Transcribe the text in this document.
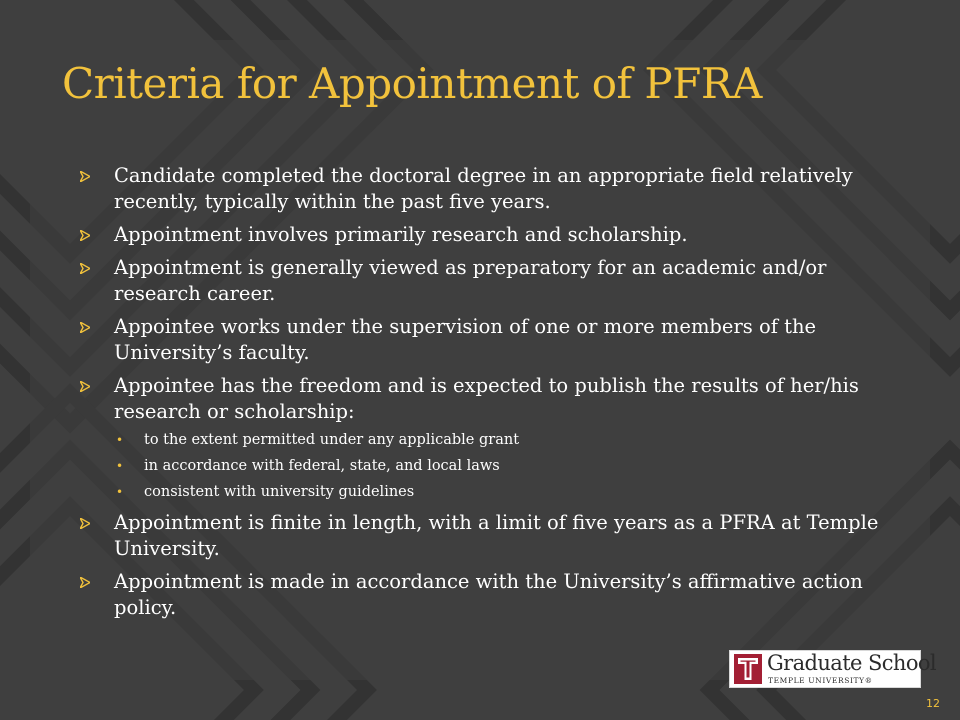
Criteria for Appointment of PFRA
Candidate completed the doctoral degree in an appropriate field relatively recently, typically within the past five years.
Appointment involves primarily research and scholarship.
Appointment is generally viewed as preparatory for an academic and/or research career.
Appointee works under the supervision of one or more members of the University’s faculty.
Appointee has the freedom and is expected to publish the results of her/his research or scholarship:
• to the extent permitted under any applicable grant
• in accordance with federal, state, and local laws
• consistent with university guidelines
Appointment is finite in length, with a limit of five years as a PFRA at Temple University.
Appointment is made in accordance with the University’s affirmative action policy.
Graduate School
TEMPLE UNIVERSITY®
12
